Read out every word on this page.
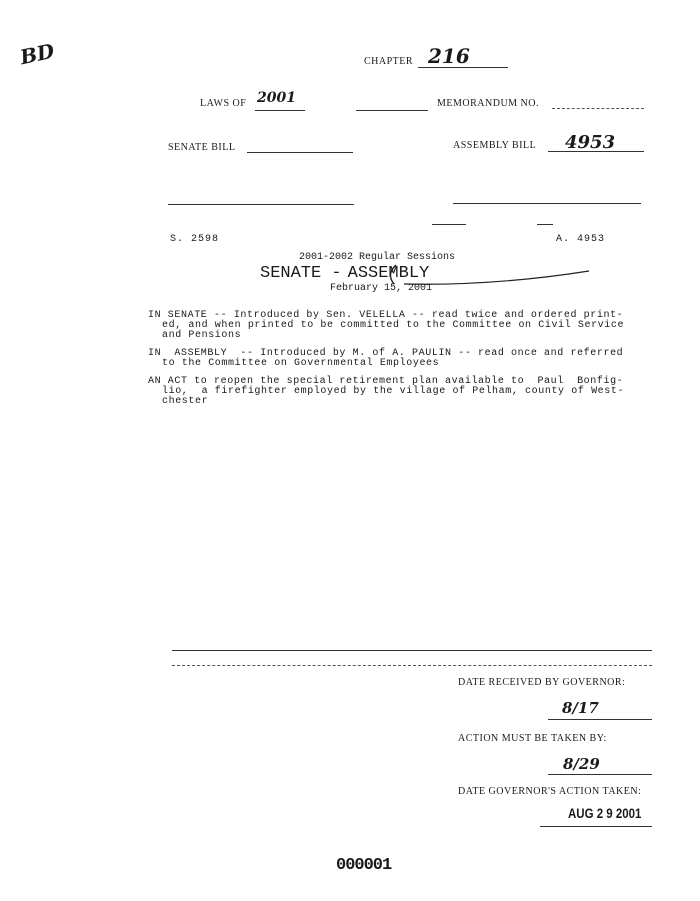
BD	CHAPTER 216
LAWS OF 2001	MEMORANDUM NO.
SENATE BILL	ASSEMBLY BILL 4953
S. 2598	A. 4953
2001-2002 Regular Sessions
SENATE - ASSEMBLY
February 15, 2001
IN SENATE -- Introduced by Sen. VELELLA -- read twice and ordered print-
ed, and when printed to be committed to the Committee on Civil Service
and Pensions
IN  ASSEMBLY  -- Introduced by M. of A. PAULIN -- read once and referred
to the Committee on Governmental Employees
AN ACT to reopen the special retirement plan available to  Paul  Bonfig-
lio,  a firefighter employed by the village of Pelham, county of West-
chester
DATE RECEIVED BY GOVERNOR:
8/17
ACTION MUST BE TAKEN BY:
8/29
DATE GOVERNOR'S ACTION TAKEN:
AUG 2 9 2001
000001
